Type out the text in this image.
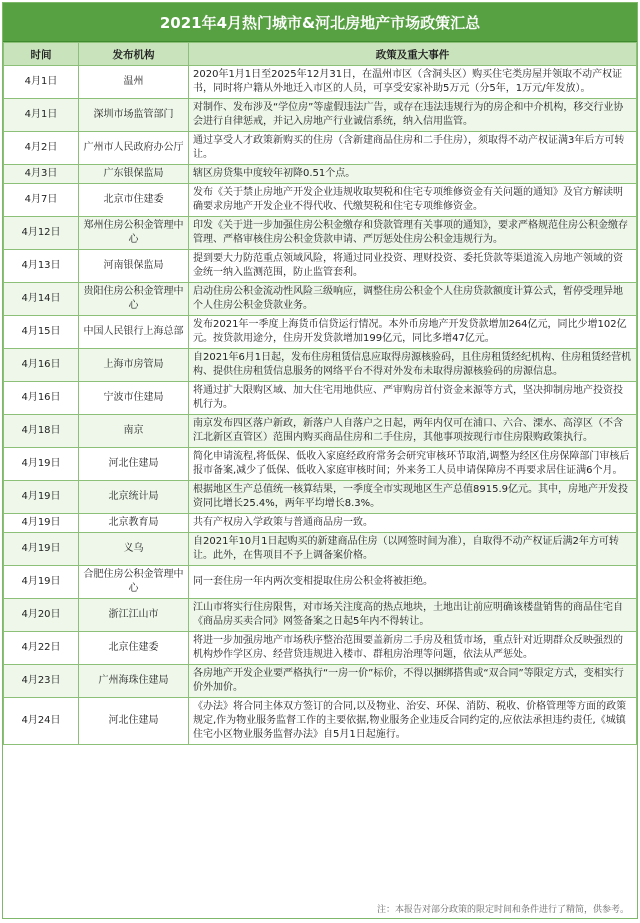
2021年4月热门城市&河北房地产市场政策汇总
时间	发布机构	政策及重大事件
4月1日	温州	2020年1月1日至2025年12月31日，在温州市区（含洞头区）购买住宅类房屋并领取不动产权证书，同时将户籍从外地迁入市区的人员，可享受安家补助5万元（分5年，1万元/年发放）。
4月1日	深圳市场监管部门	对制作、发布涉及“学位房”等虚假违法广告，或存在违法违规行为的房企和中介机构，移交行业协会进行自律惩戒，并记入房地产行业诚信系统，纳入信用监管。
4月2日	广州市人民政府办公厅	通过享受人才政策新购买的住房（含新建商品住房和二手住房），须取得不动产权证满3年后方可转让。
4月3日	广东银保监局	辖区房贷集中度较年初降0.51个点。
4月7日	北京市住建委	发布《关于禁止房地产开发企业违规收取契税和住宅专项维修资金有关问题的通知》及官方解读明确要求房地产开发企业不得代收、代缴契税和住宅专项维修资金。
4月12日	郑州住房公积金管理中心	印发《关于进一步加强住房公积金缴存和贷款管理有关事项的通知》，要求严格规范住房公积金缴存管理、严格审核住房公积金贷款申请、严厉惩处住房公积金违规行为。
4月13日	河南银保监局	提到要大力防范重点领域风险，将通过同业投资、理财投资、委托贷款等渠道流入房地产领域的资金统一纳入监测范围，防止监管套利。
4月14日	贵阳住房公积金管理中心	启动住房公积金流动性风险三级响应，调整住房公积金个人住房贷款额度计算公式，暂停受理异地个人住房公积金贷款业务。
4月15日	中国人民银行上海总部	发布2021年一季度上海货币信贷运行情况。本外币房地产开发贷款增加264亿元，同比少增102亿元。按贷款用途分，住房开发贷款增加199亿元，同比多增47亿元。
4月16日	上海市房管局	自2021年6月1日起，发布住房租赁信息应取得房源核验码，且住房租赁经纪机构、住房租赁经营机构、提供住房租赁信息服务的网络平台不得对外发布未取得房源核验码的房源信息。
4月16日	宁波市住建局	将通过扩大限购区域、加大住宅用地供应、严审购房首付资金来源等方式，坚决抑制房地产投资投机行为。
4月18日	南京	南京发布四区落户新政，新落户人自落户之日起，两年内仅可在浦口、六合、溧水、高淳区（不含江北新区直管区）范围内购买商品住房和二手住房，其他事项按现行市住房限购政策执行。
4月19日	河北住建局	简化申请流程,将低保、低收入家庭经政府常务会研究审核环节取消,调整为经区住房保障部门审核后报市备案,减少了低保、低收入家庭审核时间；外来务工人员申请保障房不再要求居住证满6个月。
4月19日	北京统计局	根据地区生产总值统一核算结果，一季度全市实现地区生产总值8915.9亿元。其中，房地产开发投资同比增长25.4%，两年平均增长8.3%。
4月19日	北京教育局	共有产权房入学政策与普通商品房一致。
4月19日	义乌	自2021年10月1日起购买的新建商品住房（以网签时间为准），自取得不动产权证后满2年方可转让。此外，在售项目不予上调备案价格。
4月19日	合肥住房公积金管理中心	同一套住房一年内两次变相提取住房公积金将被拒绝。
4月20日	浙江江山市	江山市将实行住房限售，对市场关注度高的热点地块，土地出让前应明确该楼盘销售的商品住宅自《商品房买卖合同》网签备案之日起5年内不得转让。
4月22日	北京住建委	将进一步加强房地产市场秩序整治范围要盖新房二手房及租赁市场，重点针对近期群众反映强烈的机构炒作学区房、经营贷违规进入楼市、群租房治理等问题，依法从严惩处。
4月23日	广州海珠住建局	各房地产开发企业要严格执行“一房一价”标价，不得以捆绑搭售或“双合同”等限定方式，变相实行价外加价。
4月24日	河北住建局	《办法》将合同主体双方签订的合同,以及物业、治安、环保、消防、税收、价格管理等方面的政策规定,作为物业服务监督工作的主要依据,物业服务企业违反合同约定的,应依法承担违约责任,《城镇住宅小区物业服务监督办法》自5月1日起施行。
注：本报告对部分政策的限定时间和条件进行了精简，供参考。
